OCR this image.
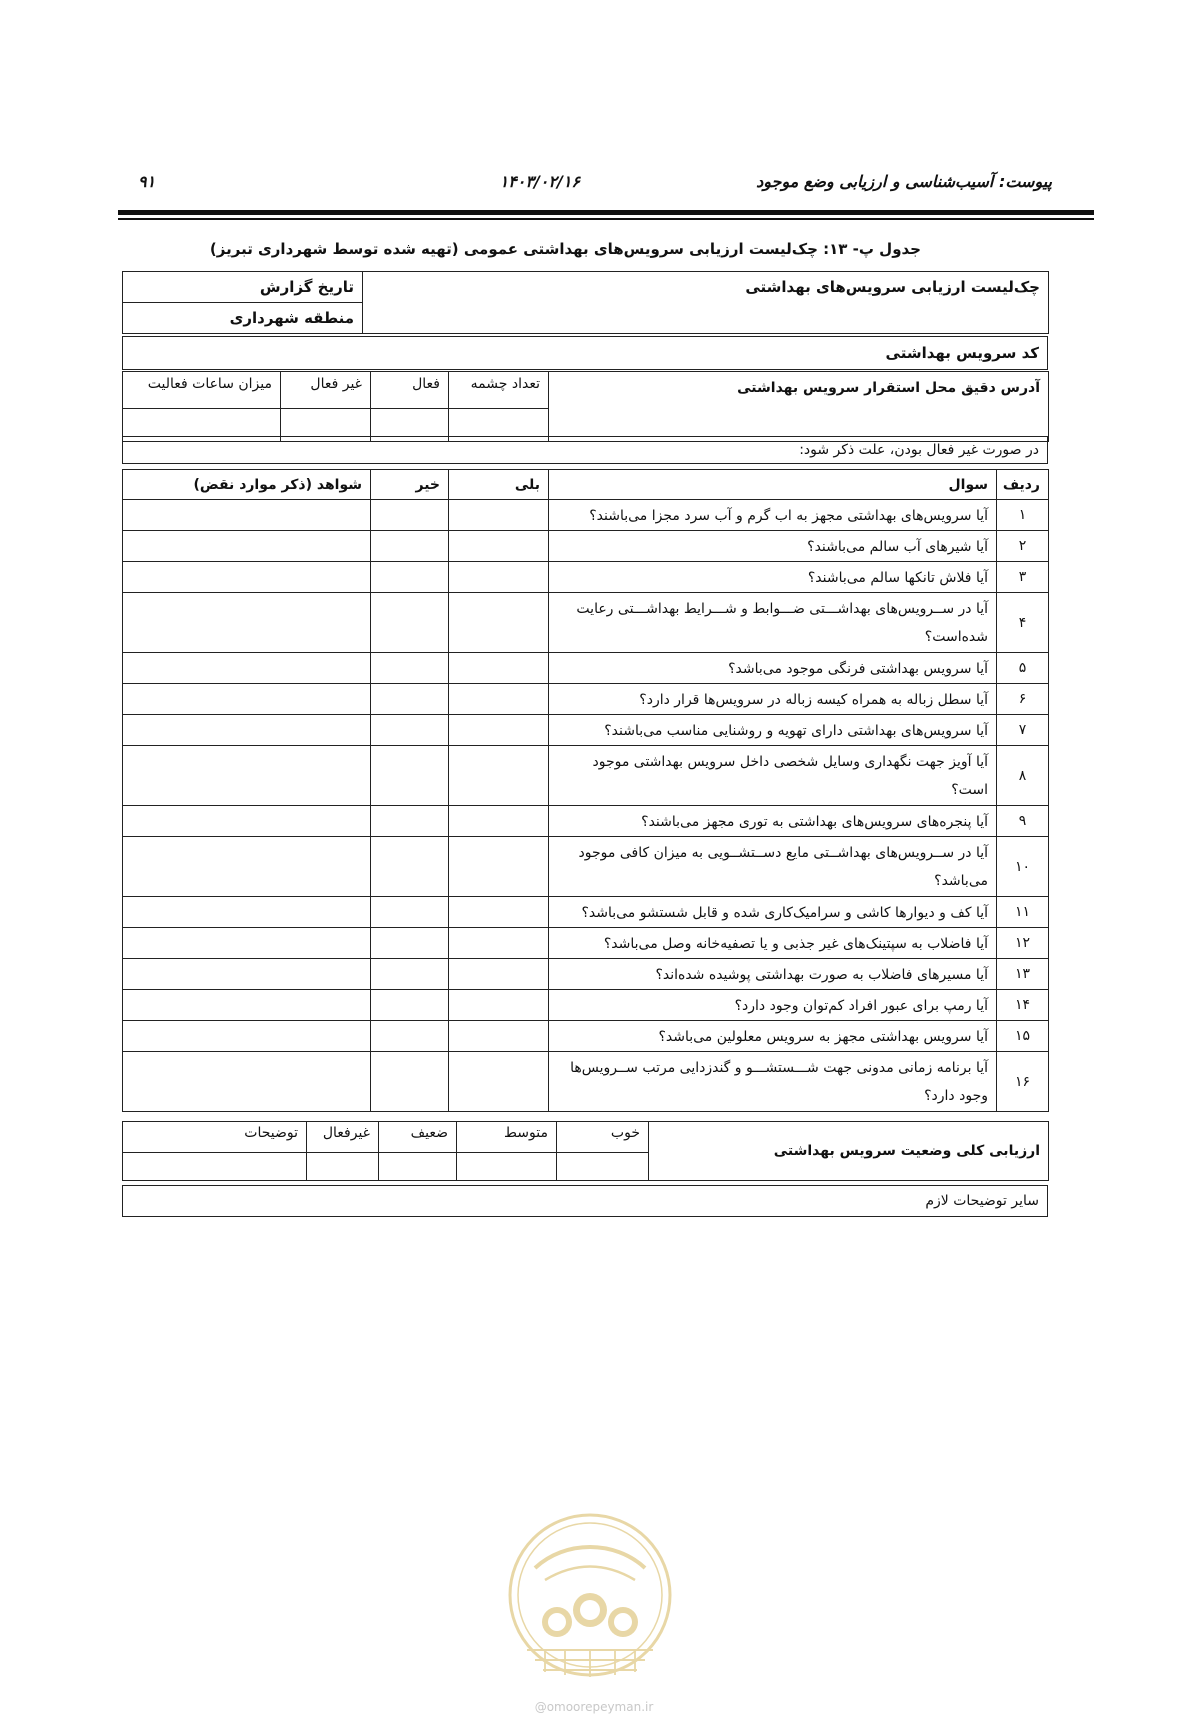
پیوست: آسیب‌شناسی و ارزیابی وضع موجود
۱۴۰۳/۰۲/۱۶
۹۱
جدول پ- ۱۳: چک‌لیست ارزیابی سرویس‌های بهداشتی عمومی (تهیه شده توسط شهرداری تبریز)
چک‌لیست ارزیابی سرویس‌های بهداشتی	تاریخ گزارش
منطقه شهرداری
کد سرویس بهداشتی
آدرس دقیق محل استقرار سرویس بهداشتی	تعداد چشمه	فعال	غیر فعال	میزان ساعات فعالیت

در صورت غیر فعال بودن، علت ذکر شود:
ردیف	سوال	بلی	خیر	شواهد (ذکر موارد نقض)
۱	آیا سرویس‌های بهداشتی مجهز به اب گرم و آب سرد مجزا می‌باشند؟			
۲	آیا شیرهای آب سالم می‌باشند؟			
۳	آیا فلاش تانکها سالم می‌باشند؟			
۴	آیا در ســرویس‌های بهداشـــتی ضـــوابط و شـــرایط بهداشـــتی رعایت شده‌است؟			
۵	آیا سرویس بهداشتی فرنگی موجود می‌باشد؟			
۶	آیا سطل زباله به همراه کیسه زباله در سرویس‌ها قرار دارد؟			
۷	آیا سرویس‌های بهداشتی دارای تهویه و روشنایی مناسب می‌باشند؟			
۸	آیا آویز جهت نگهداری وسایل شخصی داخل سرویس بهداشتی موجود است؟			
۹	آیا پنجره‌های سرویس‌های بهداشتی به توری مجهز می‌باشند؟			
۱۰	آیا در ســرویس‌های بهداشــتی مایع دســتشــویی به میزان کافی موجود می‌باشد؟			
۱۱	آیا کف و دیوارها کاشی و سرامیک‌کاری شده و قابل شستشو می‌باشد؟			
۱۲	آیا فاضلاب به سپتینک‌های غیر جذبی و یا تصفیه‌خانه وصل می‌باشد؟			
۱۳	آیا مسیرهای فاضلاب به صورت بهداشتی پوشیده شده‌اند؟			
۱۴	آیا رمپ برای عبور افراد کم‌توان وجود دارد؟			
۱۵	آیا سرویس بهداشتی مجهز به سرویس معلولین می‌باشد؟			
۱۶	آیا برنامه زمانی مدونی جهت شـــستشـــو و گندزدایی مرتب ســرویس‌ها وجود دارد؟			
ارزیابی کلی وضعیت سرویس بهداشتی	خوب	متوسط	ضعیف	غیرفعال	توضیحات

سایر توضیحات لازم
@omoorepeyman.ir
